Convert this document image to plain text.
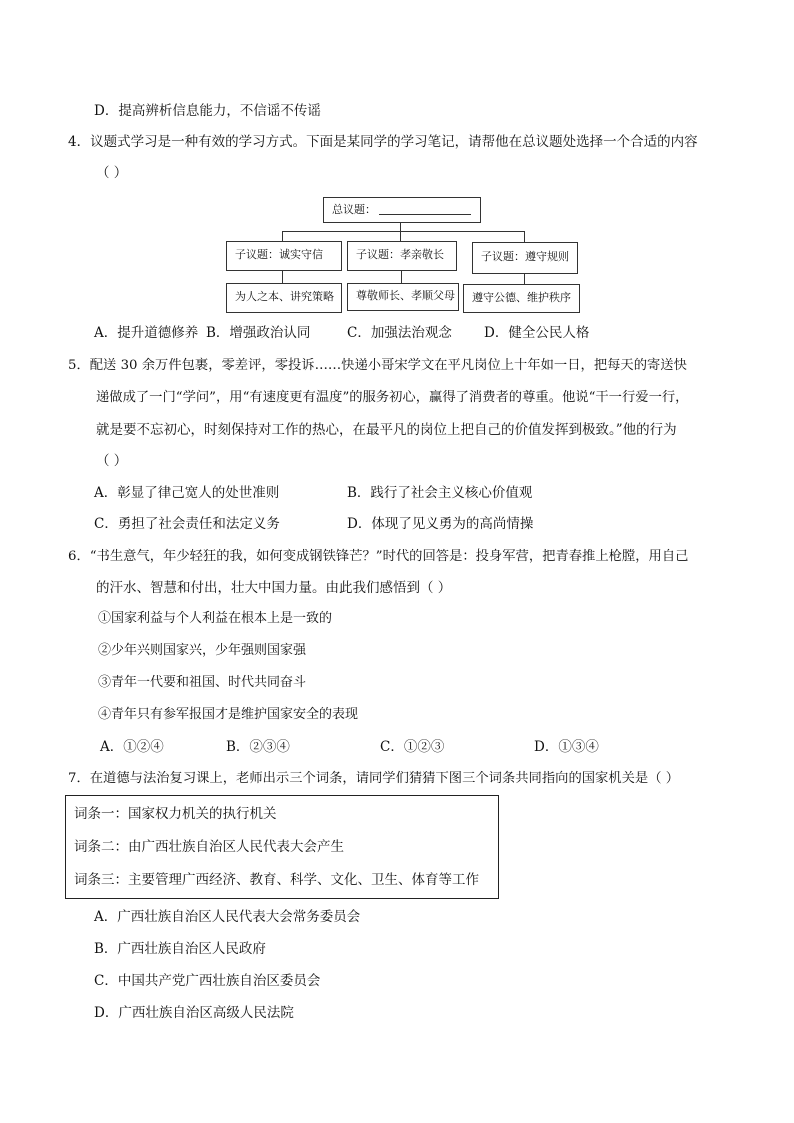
D．提高辨析信息能力，不信谣不传谣
4．议题式学习是一种有效的学习方式。下面是某同学的学习笔记，请帮他在总议题处选择一个合适的内容
（ ）
总议题：
子议题：诚实守信	子议题：孝亲敬长	子议题：遵守规则
为人之本、讲究策略 尊敬师长、孝顺父母 遵守公德、维护秩序
A．提升道德修养 B．增强政治认同	C．加强法治观念 D．健全公民人格
5．配送 30 余万件包裹，零差评，零投诉……快递小哥宋学文在平凡岗位上十年如一日，把每天的寄送快
递做成了一门“学问”，用“有速度更有温度”的服务初心，赢得了消费者的尊重。他说“干一行爱一行，
就是要不忘初心，时刻保持对工作的热心，在最平凡的岗位上把自己的价值发挥到极致。”他的行为
（ ）
A．彰显了律己宽人的处世准则	B．践行了社会主义核心价值观
C．勇担了社会责任和法定义务	D．体现了见义勇为的高尚情操
6．“书生意气，年少轻狂的我，如何变成钢铁锋芒？”时代的回答是：投身军营，把青春推上枪膛，用自己
的汗水、智慧和付出，壮大中国力量。由此我们感悟到（ ）
①国家利益与个人利益在根本上是一致的
②少年兴则国家兴，少年强则国家强
③青年一代要和祖国、时代共同奋斗
④青年只有参军报国才是维护国家安全的表现
A．①②④	B．②③④	C．①②③	D．①③④
7．在道德与法治复习课上，老师出示三个词条，请同学们猜猜下图三个词条共同指向的国家机关是（ ）
词条一：国家权力机关的执行机关
词条二：由广西壮族自治区人民代表大会产生
词条三：主要管理广西经济、教育、科学、文化、卫生、体育等工作
A．广西壮族自治区人民代表大会常务委员会
B．广西壮族自治区人民政府
C．中国共产党广西壮族自治区委员会
D．广西壮族自治区高级人民法院
